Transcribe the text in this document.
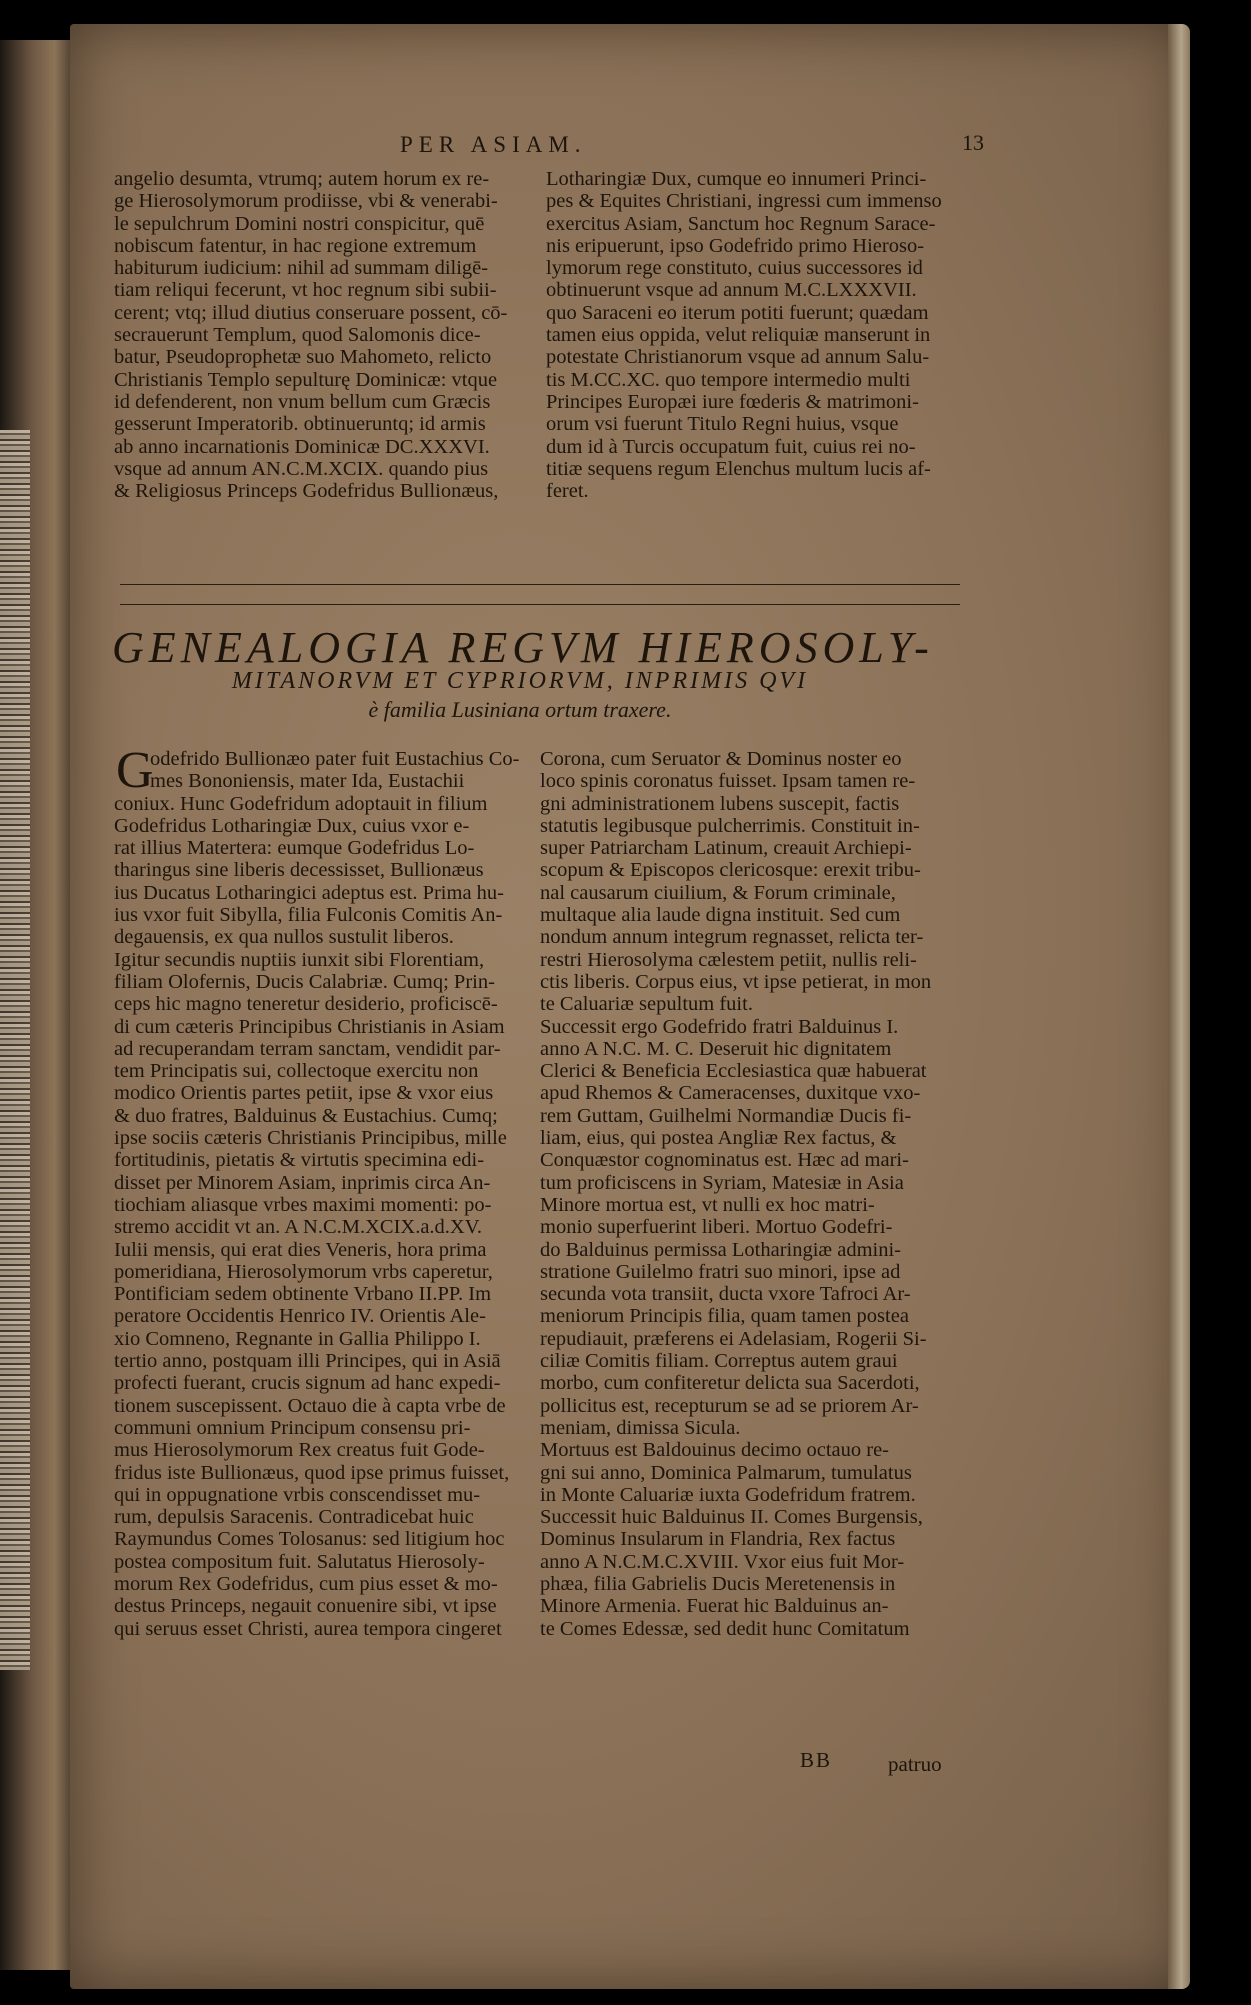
PER ASIAM.	13
angelio desumta, vtrumq; autem horum ex re-
ge Hierosolymorum prodiisse, vbi & venerabi-
le sepulchrum Domini nostri conspicitur, quē
nobiscum fatentur, in hac regione extremum
habiturum iudicium: nihil ad summam diligē-
tiam reliqui fecerunt, vt hoc regnum sibi subii-
cerent; vtq; illud diutius conseruare possent, cō-
secrauerunt Templum, quod Salomonis dice-
batur, Pseudoprophetæ suo Mahometo, relicto
Christianis Templo sepulturę Dominicæ: vtque
id defenderent, non vnum bellum cum Græcis
gesserunt Imperatorib. obtinueruntq; id armis
ab anno incarnationis Dominicæ DC.XXXVI.
vsque ad annum AN.C.M.XCIX. quando pius
& Religiosus Princeps Godefridus Bullionæus,
Lotharingiæ Dux, cumque eo innumeri Princi-
pes & Equites Christiani, ingressi cum immenso
exercitus Asiam, Sanctum hoc Regnum Sarace-
nis eripuerunt, ipso Godefrido primo Hieroso-
lymorum rege constituto, cuius successores id
obtinuerunt vsque ad annum M.C.LXXXVII.
quo Saraceni eo iterum potiti fuerunt; quædam
tamen eius oppida, velut reliquiæ manserunt in
potestate Christianorum vsque ad annum Salu-
tis M.CC.XC. quo tempore intermedio multi
Principes Europæi iure fœderis & matrimoni-
orum vsi fuerunt Titulo Regni huius, vsque
dum id à Turcis occupatum fuit, cuius rei no-
titiæ sequens regum Elenchus multum lucis af-
feret.
GENEALOGIA REGVM HIEROSOLY-
MITANORVM ET CYPRIORVM, INPRIMIS QVI
è familia Lusiniana ortum traxere.
G
odefrido Bullionæo pater fuit Eustachius Co-
mes Bononiensis, mater Ida, Eustachii
coniux. Hunc Godefridum adoptauit in filium
Godefridus Lotharingiæ Dux, cuius vxor e-
rat illius Matertera: eumque Godefridus Lo-
tharingus sine liberis decessisset, Bullionæus
ius Ducatus Lotharingici adeptus est. Prima hu-
ius vxor fuit Sibylla, filia Fulconis Comitis An-
degauensis, ex qua nullos sustulit liberos.
Igitur secundis nuptiis iunxit sibi Florentiam,
filiam Olofernis, Ducis Calabriæ. Cumq; Prin-
ceps hic magno teneretur desiderio, proficiscē-
di cum cæteris Principibus Christianis in Asiam
ad recuperandam terram sanctam, vendidit par-
tem Principatis sui, collectoque exercitu non
modico Orientis partes petiit, ipse & vxor eius
& duo fratres, Balduinus & Eustachius. Cumq;
ipse sociis cæteris Christianis Principibus, mille
fortitudinis, pietatis & virtutis specimina edi-
disset per Minorem Asiam, inprimis circa An-
tiochiam aliasque vrbes maximi momenti: po-
stremo accidit vt an. A N.C.M.XCIX.a.d.XV.
Iulii mensis, qui erat dies Veneris, hora prima
pomeridiana, Hierosolymorum vrbs caperetur,
Pontificiam sedem obtinente Vrbano II.PP. Im
peratore Occidentis Henrico IV. Orientis Ale-
xio Comneno, Regnante in Gallia Philippo I.
tertio anno, postquam illi Principes, qui in Asiā
profecti fuerant, crucis signum ad hanc expedi-
tionem suscepissent. Octauo die à capta vrbe de
communi omnium Principum consensu pri-
mus Hierosolymorum Rex creatus fuit Gode-
fridus iste Bullionæus, quod ipse primus fuisset,
qui in oppugnatione vrbis conscendisset mu-
rum, depulsis Saracenis. Contradicebat huic
Raymundus Comes Tolosanus: sed litigium hoc
postea compositum fuit. Salutatus Hierosoly-
morum Rex Godefridus, cum pius esset & mo-
destus Princeps, negauit conuenire sibi, vt ipse
qui seruus esset Christi, aurea tempora cingeret
Corona, cum Seruator & Dominus noster eo
loco spinis coronatus fuisset. Ipsam tamen re-
gni administrationem lubens suscepit, factis
statutis legibusque pulcherrimis. Constituit in-
super Patriarcham Latinum, creauit Archiepi-
scopum & Episcopos clericosque: erexit tribu-
nal causarum ciuilium, & Forum criminale,
multaque alia laude digna instituit. Sed cum
nondum annum integrum regnasset, relicta ter-
restri Hierosolyma cælestem petiit, nullis reli-
ctis liberis. Corpus eius, vt ipse petierat, in mon
te Caluariæ sepultum fuit.
Successit ergo Godefrido fratri Balduinus I.
anno A N.C. M. C. Deseruit hic dignitatem
Clerici & Beneficia Ecclesiastica quæ habuerat
apud Rhemos & Cameracenses, duxitque vxo-
rem Guttam, Guilhelmi Normandiæ Ducis fi-
liam, eius, qui postea Angliæ Rex factus, &
Conquæstor cognominatus est. Hæc ad mari-
tum proficiscens in Syriam, Matesiæ in Asia
Minore mortua est, vt nulli ex hoc matri-
monio superfuerint liberi. Mortuo Godefri-
do Balduinus permissa Lotharingiæ admini-
stratione Guilelmo fratri suo minori, ipse ad
secunda vota transiit, ducta vxore Tafroci Ar-
meniorum Principis filia, quam tamen postea
repudiauit, præferens ei Adelasiam, Rogerii Si-
ciliæ Comitis filiam. Correptus autem graui
morbo, cum confiteretur delicta sua Sacerdoti,
pollicitus est, recepturum se ad se priorem Ar-
meniam, dimissa Sicula.
Mortuus est Baldouinus decimo octauo re-
gni sui anno, Dominica Palmarum, tumulatus
in Monte Caluariæ iuxta Godefridum fratrem.
Successit huic Balduinus II. Comes Burgensis,
Dominus Insularum in Flandria, Rex factus
anno A N.C.M.C.XVIII. Vxor eius fuit Mor-
phæa, filia Gabrielis Ducis Meretenensis in
Minore Armenia. Fuerat hic Balduinus an-
te Comes Edessæ, sed dedit hunc Comitatum
BB	patruo
